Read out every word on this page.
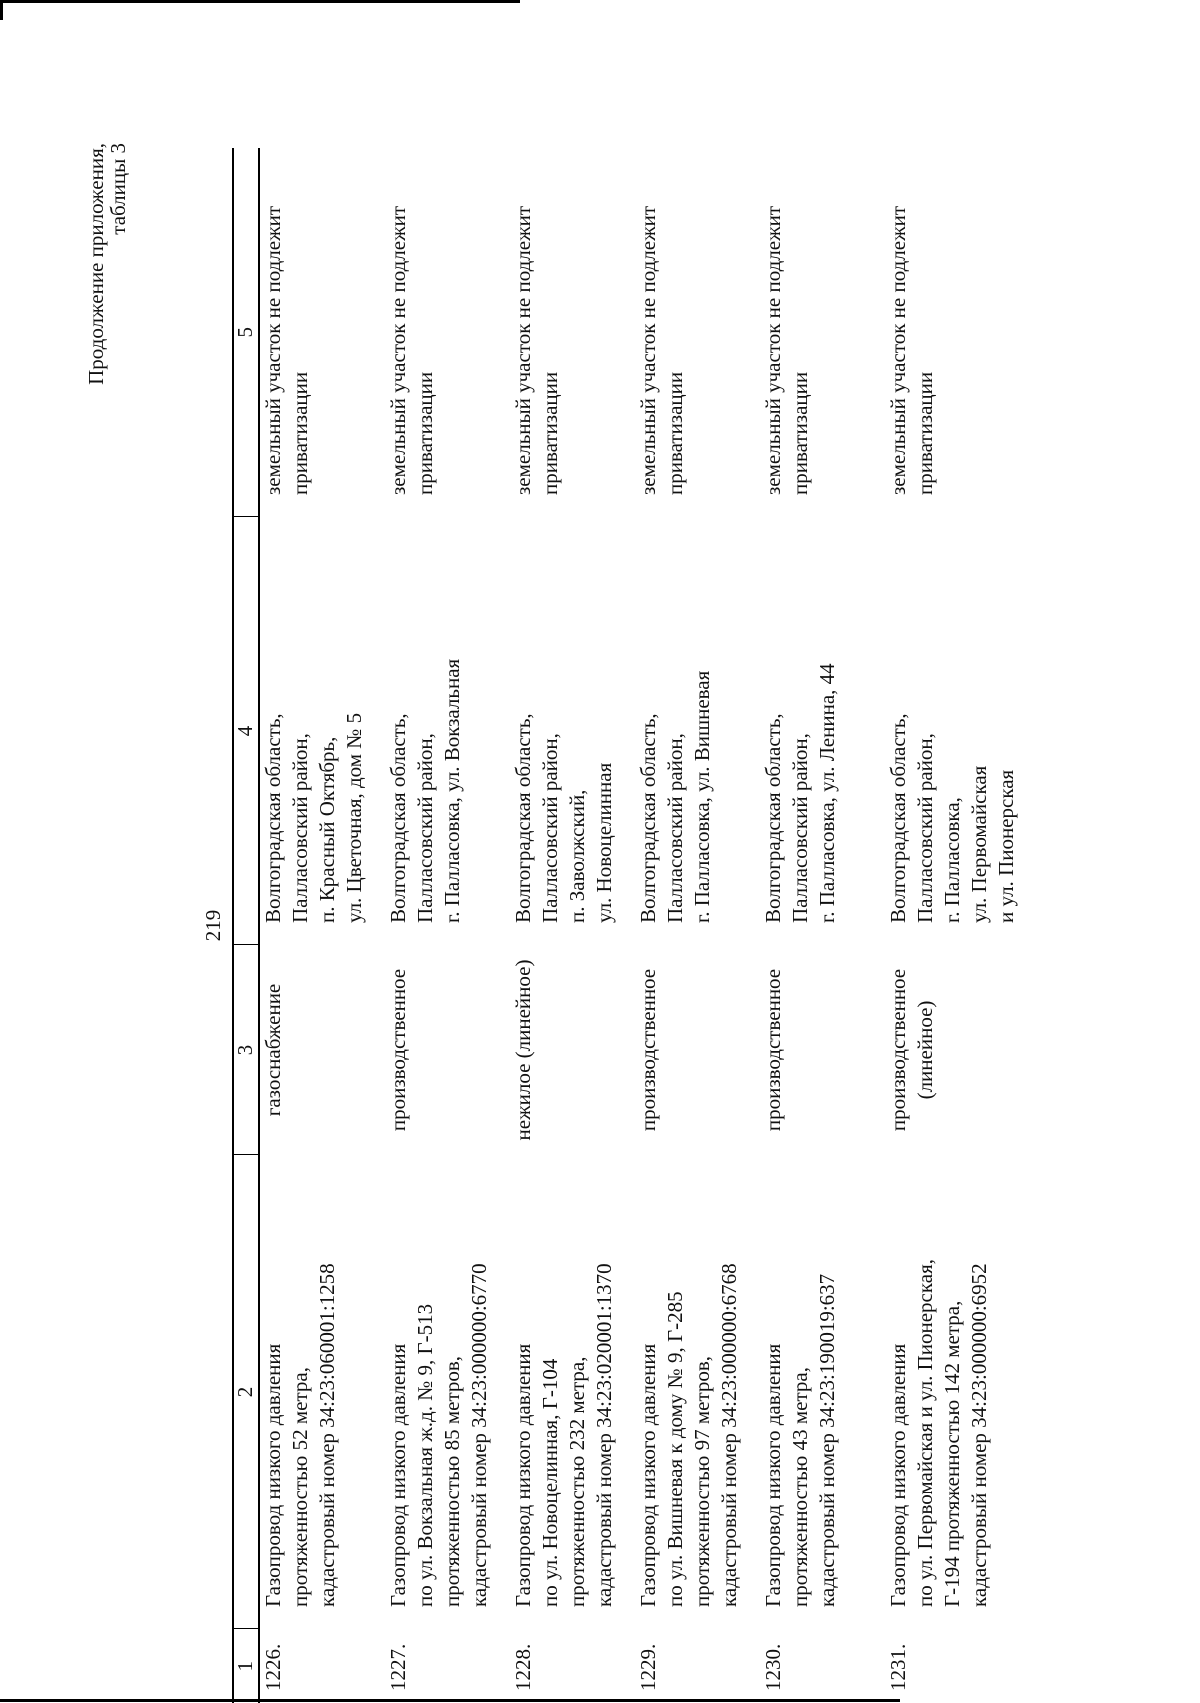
219
Продолжение приложения,
таблицы 3
1	2	3	4	5
1226.	Газопровод низкого давления
протяженностью 52 метра,
кадастровый номер 34:23:060001:1258	газоснабжение	Волгоградская область,
Палласовский район,
п. Красный Октябрь,
ул. Цветочная, дом № 5	земельный участок не подлежит
приватизации
1227.	Газопровод низкого давления
по ул. Вокзальная ж.д. № 9, Г-513
протяженностью 85 метров,
кадастровый номер 34:23:000000:6770	производственное	Волгоградская область,
Палласовский район,
г. Палласовка, ул. Вокзальная	земельный участок не подлежит
приватизации
1228.	Газопровод низкого давления
по ул. Новоцелинная, Г-104
протяженностью 232 метра,
кадастровый номер 34:23:020001:1370	нежилое (линейное)	Волгоградская область,
Палласовский район,
п. Заволжский,
ул. Новоцелинная	земельный участок не подлежит
приватизации
1229.	Газопровод низкого давления
по ул. Вишневая к дому № 9, Г-285
протяженностью 97 метров,
кадастровый номер 34:23:000000:6768	производственное	Волгоградская область,
Палласовский район,
г. Палласовка, ул. Вишневая	земельный участок не подлежит
приватизации
1230.	Газопровод низкого давления
протяженностью 43 метра,
кадастровый номер 34:23:190019:637	производственное	Волгоградская область,
Палласовский район,
г. Палласовка, ул. Ленина, 44	земельный участок не подлежит
приватизации
1231.	Газопровод низкого давления
по ул. Первомайская и ул. Пионерская,
Г-194 протяженностью 142 метра,
кадастровый номер 34:23:000000:6952	производственное
(линейное)	Волгоградская область,
Палласовский район,
г. Палласовка,
ул. Первомайская
и ул. Пионерская	земельный участок не подлежит
приватизации
